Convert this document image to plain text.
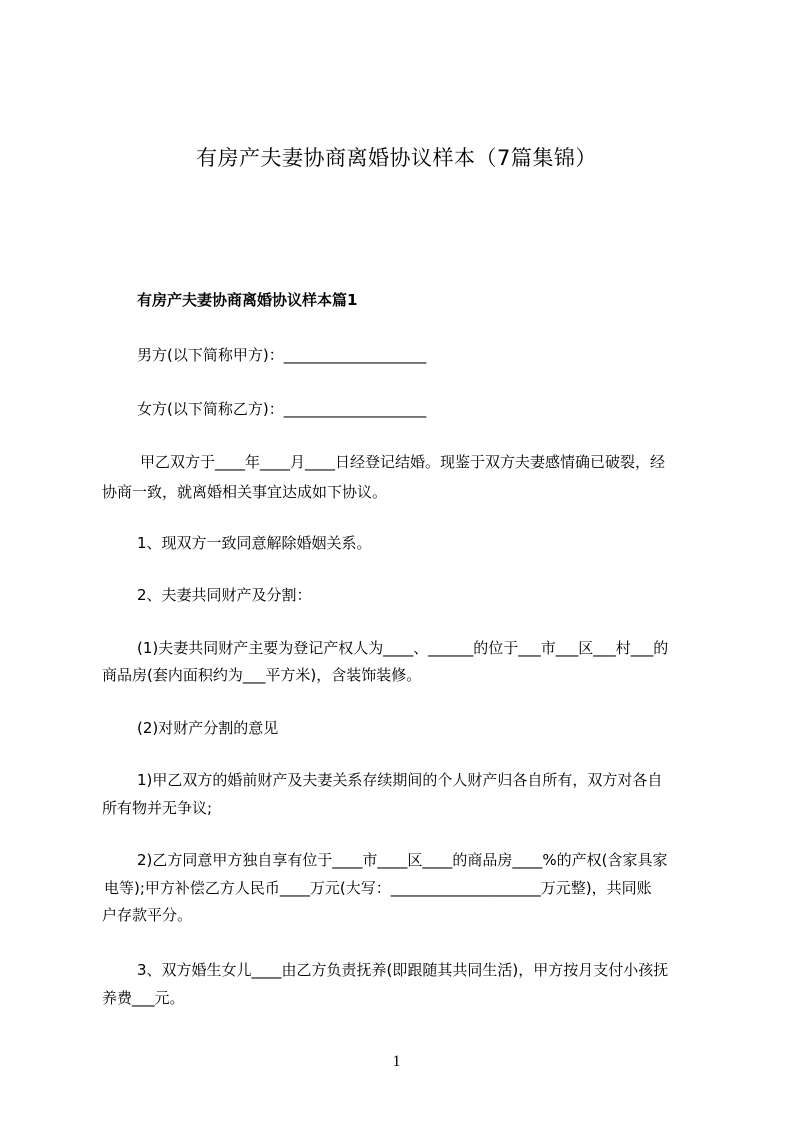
有房产夫妻协商离婚协议样本（7篇集锦）

有房产夫妻协商离婚协议样本篇1

男方(以下简称甲方)：___________________

女方(以下简称乙方)：___________________

甲乙双方于____年____月____日经登记结婚。现鉴于双方夫妻感情确已破裂，经

协商一致，就离婚相关事宜达成如下协议。

1、现双方一致同意解除婚姻关系。

2、夫妻共同财产及分割：

(1)夫妻共同财产主要为登记产权人为____、______的位于___市___区___村___的

商品房(套内面积约为___平方米)，含装饰装修。

(2)对财产分割的意见

1)甲乙双方的婚前财产及夫妻关系存续期间的个人财产归各自所有，双方对各自

所有物并无争议;

2)乙方同意甲方独自享有位于____市____区____的商品房____%的产权(含家具家

电等);甲方补偿乙方人民币____万元(大写：____________________万元整)，共同账

户存款平分。

3、双方婚生女儿____由乙方负责抚养(即跟随其共同生活)，甲方按月支付小孩抚

养费___元。

1
